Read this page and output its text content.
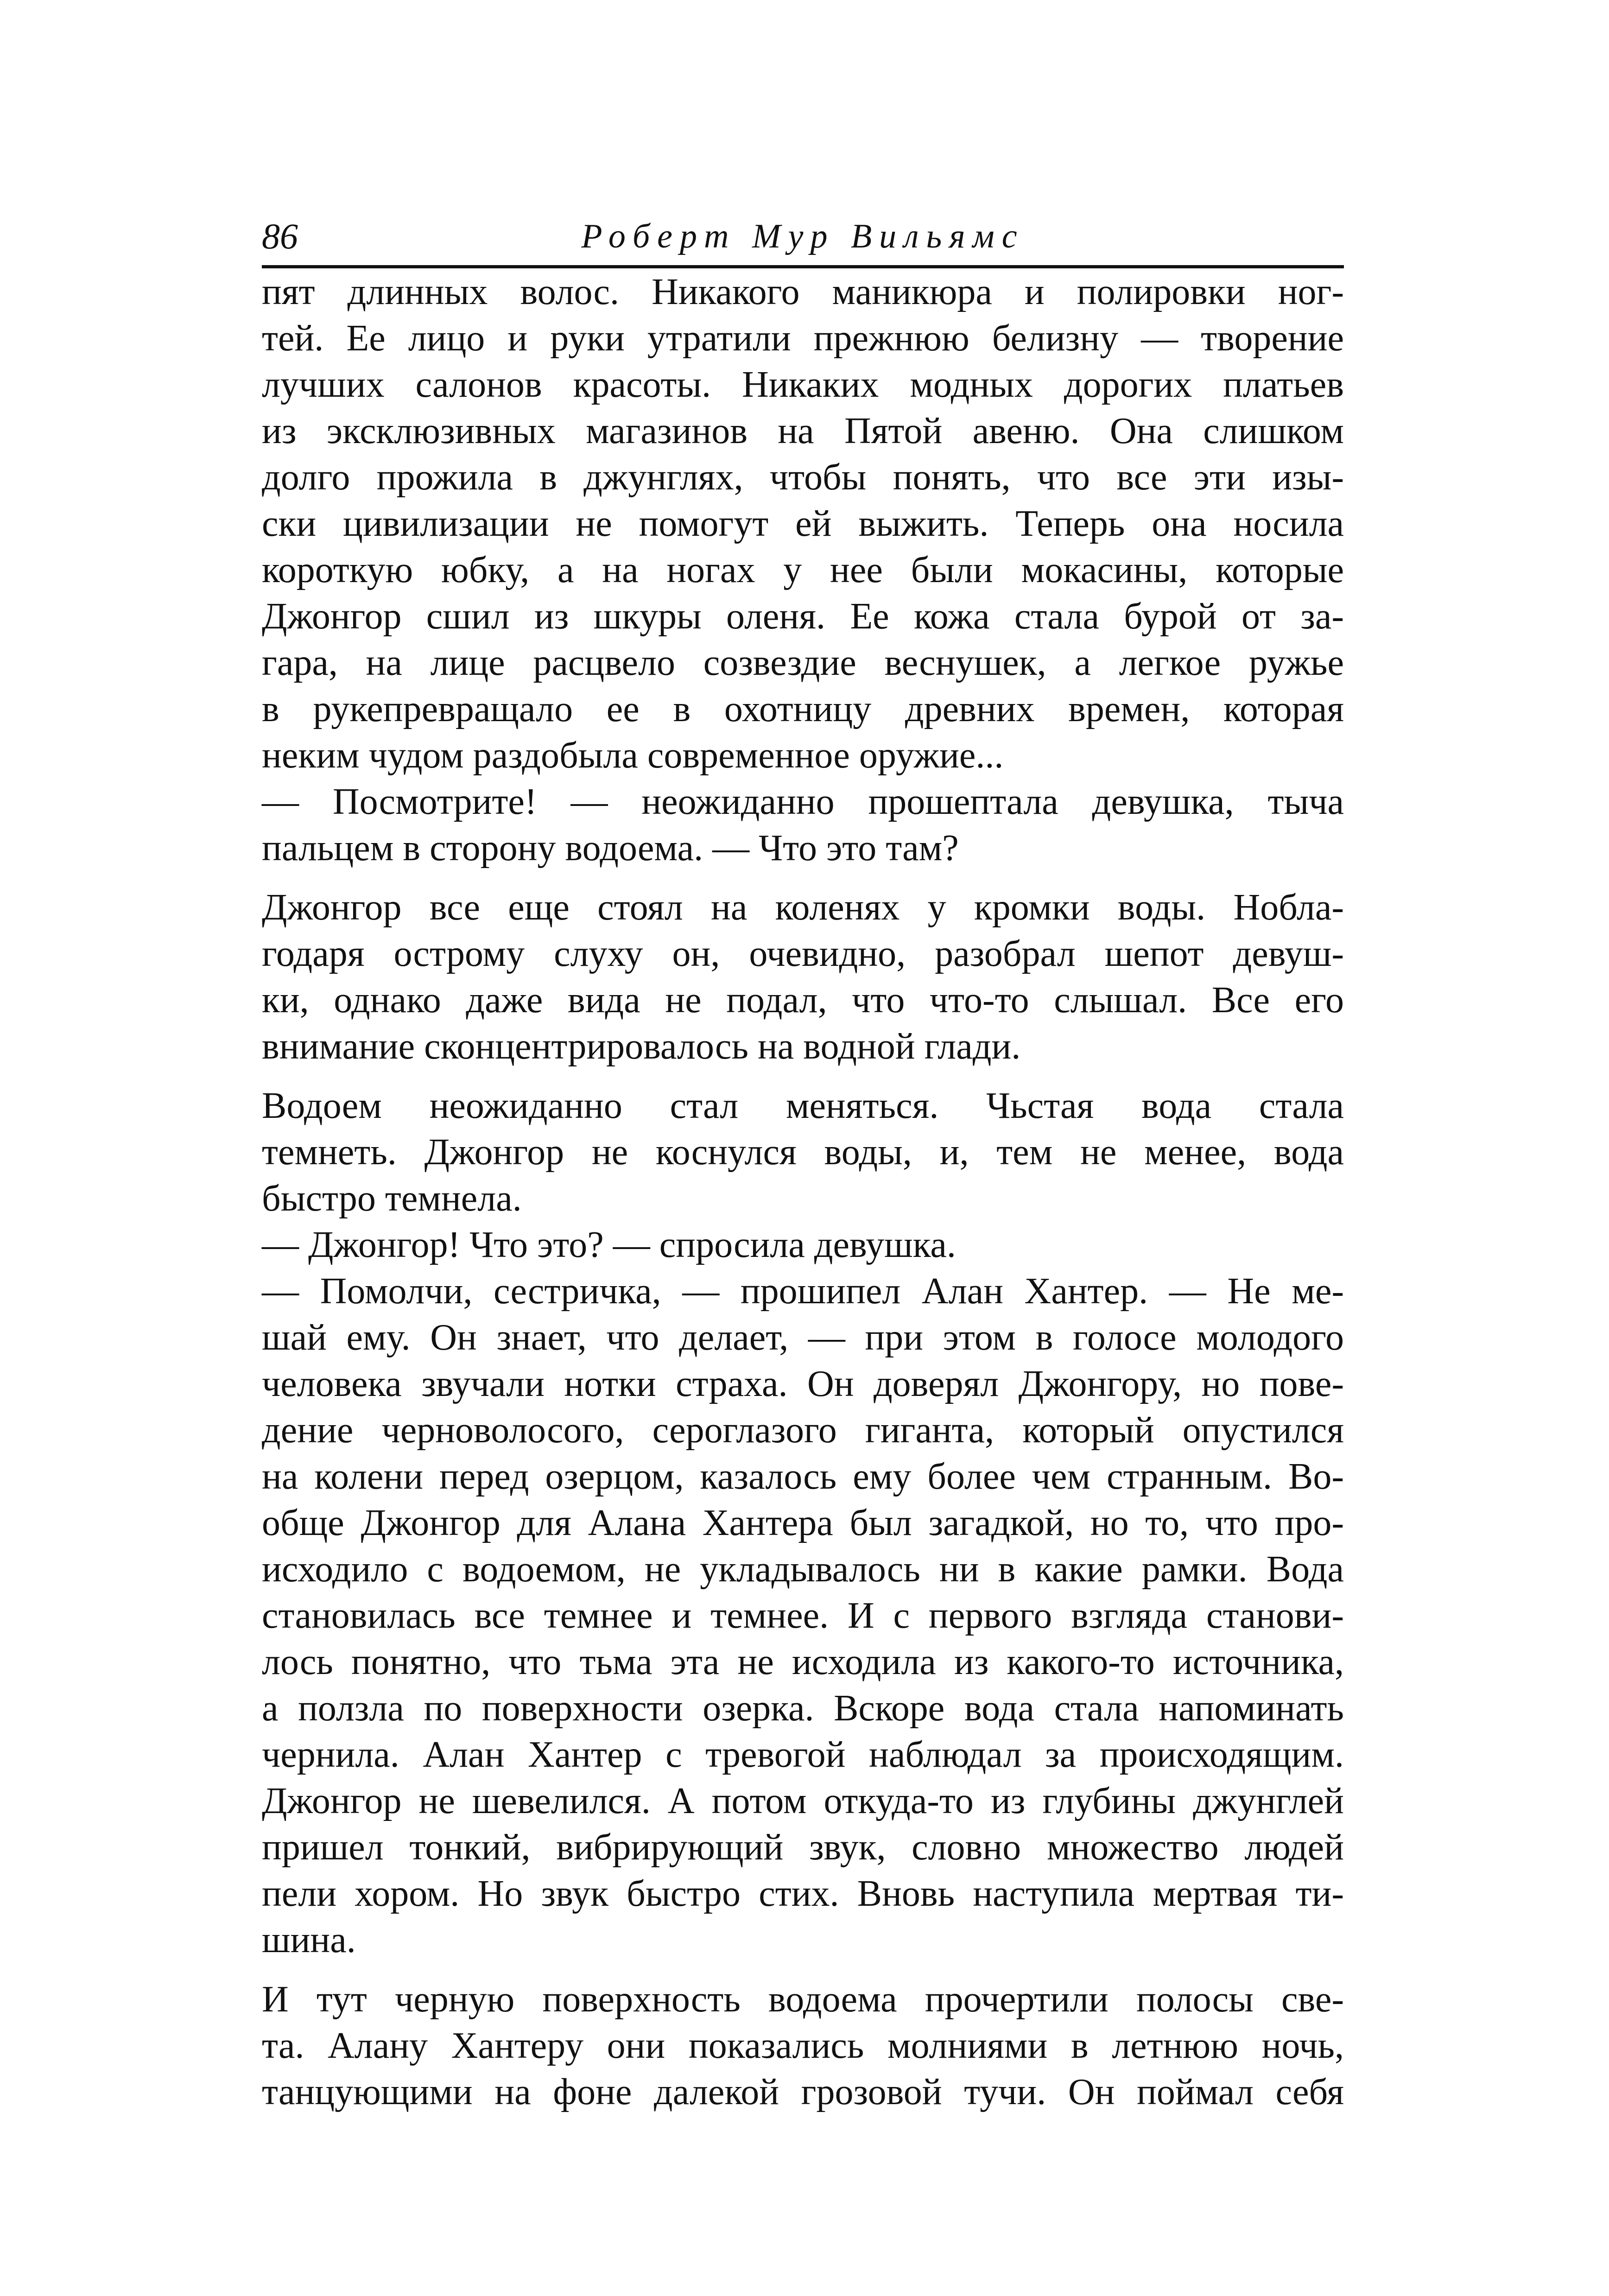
86	Роберт Мур Вильямс
пят длинных волос. Никакого маникюра и полировки ног-
тей. Ее лицо и руки утратили прежнюю белизну — творение
лучших салонов красоты. Никаких модных дорогих платьев
из эксклюзивных магазинов на Пятой авеню. Она слишком
долго прожила в джунглях, чтобы понять, что все эти изы-
ски цивилизации не помогут ей выжить. Теперь она носила
короткую юбку, а на ногах у нее были мокасины, которые
Джонгор сшил из шкуры оленя. Ее кожа стала бурой от за-
гара, на лице расцвело созвездие веснушек, а легкое ружье
в рукепревращало ее в охотницу древних времен, которая
неким чудом раздобыла современное оружие...
— Посмотрите! — неожиданно прошептала девушка, тыча
пальцем в сторону водоема. — Что это там?
Джонгор все еще стоял на коленях у кромки воды. Нобла-
годаря острому слуху он, очевидно, разобрал шепот девуш-
ки, однако даже вида не подал, что что-то слышал. Все его
внимание сконцентрировалось на водной глади.
Водоем неожиданно стал меняться. Чьстая вода стала
темнеть. Джонгор не коснулся воды, и, тем не менее, вода
быстро темнела.
— Джонгор! Что это? — спросила девушка.
— Помолчи, сестричка, — прошипел Алан Хантер. — Не ме-
шай ему. Он знает, что делает, — при этом в голосе молодого
человека звучали нотки страха. Он доверял Джонгору, но пове-
дение черноволосого, сероглазого гиганта, который опустился
на колени перед озерцом, казалось ему более чем странным. Во-
обще Джонгор для Алана Хантера был загадкой, но то, что про-
исходило с водоемом, не укладывалось ни в какие рамки. Вода
становилась все темнее и темнее. И с первого взгляда станови-
лось понятно, что тьма эта не исходила из какого-то источника,
а ползла по поверхности озерка. Вскоре вода стала напоминать
чернила. Алан Хантер с тревогой наблюдал за происходящим.
Джонгор не шевелился. А потом откуда-то из глубины джунглей
пришел тонкий, вибрирующий звук, словно множество людей
пели хором. Но звук быстро стих. Вновь наступила мертвая ти-
шина.
И тут черную поверхность водоема прочертили полосы све-
та. Алану Хантеру они показались молниями в летнюю ночь,
танцующими на фоне далекой грозовой тучи. Он поймал себя
